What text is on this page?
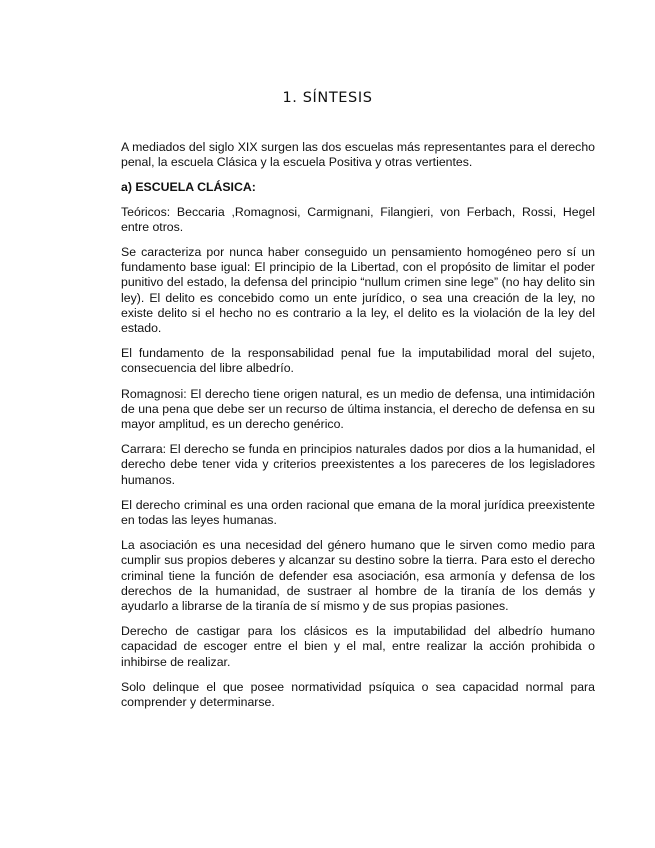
1. SÍNTESIS

A mediados del siglo XIX surgen las dos escuelas más representantes para el derecho penal, la escuela Clásica y la escuela Positiva y otras vertientes.

a) ESCUELA CLÁSICA:

Teóricos: Beccaria ,Romagnosi, Carmignani, Filangieri, von Ferbach, Rossi, Hegel entre otros.

Se caracteriza por nunca haber conseguido un pensamiento homogéneo pero sí un fundamento base igual: El principio de la Libertad, con el propósito de limitar el poder punitivo del estado, la defensa del principio “nullum crimen sine lege” (no hay delito sin ley). El delito es concebido como un ente jurídico, o sea una creación de la ley, no existe delito si el hecho no es contrario a la ley, el delito es la violación de la ley del estado.

El fundamento de la responsabilidad penal fue la imputabilidad moral del sujeto, consecuencia del libre albedrío.

Romagnosi: El derecho tiene origen natural, es un medio de defensa, una intimidación de una pena que debe ser un recurso de última instancia, el derecho de defensa en su mayor amplitud, es un derecho genérico.

Carrara: El derecho se funda en principios naturales dados por dios a la humanidad, el derecho debe tener vida y criterios preexistentes a los pareceres de los legisladores humanos.

El derecho criminal es una orden racional que emana de la moral jurídica preexistente en todas las leyes humanas.

La asociación es una necesidad del género humano que le sirven como medio para cumplir sus propios deberes y alcanzar su destino sobre la tierra. Para esto el derecho criminal tiene la función de defender esa asociación, esa armonía y defensa de los derechos de la humanidad, de sustraer al hombre de la tiranía de los demás y ayudarlo a librarse de la tiranía de sí mismo y de sus propias pasiones.

Derecho de castigar para los clásicos es la imputabilidad del albedrío humano capacidad de escoger entre el bien y el mal, entre realizar la acción prohibida o inhibirse de realizar.

Solo delinque el que posee normatividad psíquica o sea capacidad normal para comprender y determinarse.
